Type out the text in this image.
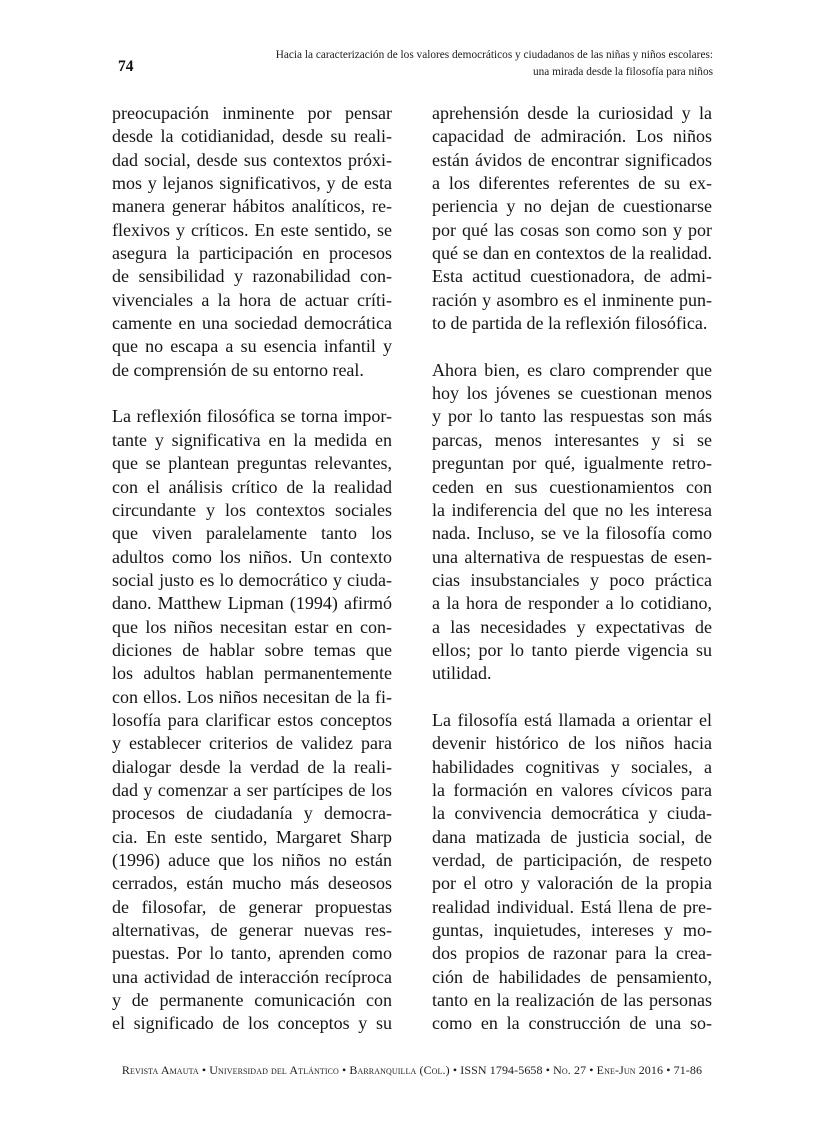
74
Hacia la caracterización de los valores democráticos y ciudadanos de las niñas y niños escolares:
una mirada desde la filosofía para niños
preocupación inminente por pensar
desde la cotidianidad, desde su reali-
dad social, desde sus contextos próxi-
mos y lejanos significativos, y de esta
manera generar hábitos analíticos, re-
flexivos y críticos. En este sentido, se
asegura la participación en procesos
de sensibilidad y razonabilidad con-
vivenciales a la hora de actuar críti-
camente en una sociedad democrática
que no escapa a su esencia infantil y
de comprensión de su entorno real.
La reflexión filosófica se torna impor-
tante y significativa en la medida en
que se plantean preguntas relevantes,
con el análisis crítico de la realidad
circundante y los contextos sociales
que viven paralelamente tanto los
adultos como los niños. Un contexto
social justo es lo democrático y ciuda-
dano. Matthew Lipman (1994) afirmó
que los niños necesitan estar en con-
diciones de hablar sobre temas que
los adultos hablan permanentemente
con ellos. Los niños necesitan de la fi-
losofía para clarificar estos conceptos
y establecer criterios de validez para
dialogar desde la verdad de la reali-
dad y comenzar a ser partícipes de los
procesos de ciudadanía y democra-
cia. En este sentido, Margaret Sharp
(1996) aduce que los niños no están
cerrados, están mucho más deseosos
de filosofar, de generar propuestas
alternativas, de generar nuevas res-
puestas. Por lo tanto, aprenden como
una actividad de interacción recíproca
y de permanente comunicación con
el significado de los conceptos y su
aprehensión desde la curiosidad y la
capacidad de admiración. Los niños
están ávidos de encontrar significados
a los diferentes referentes de su ex-
periencia y no dejan de cuestionarse
por qué las cosas son como son y por
qué se dan en contextos de la realidad.
Esta actitud cuestionadora, de admi-
ración y asombro es el inminente pun-
to de partida de la reflexión filosófica.
Ahora bien, es claro comprender que
hoy los jóvenes se cuestionan menos
y por lo tanto las respuestas son más
parcas, menos interesantes y si se
preguntan por qué, igualmente retro-
ceden en sus cuestionamientos con
la indiferencia del que no les interesa
nada. Incluso, se ve la filosofía como
una alternativa de respuestas de esen-
cias insubstanciales y poco práctica
a la hora de responder a lo cotidiano,
a las necesidades y expectativas de
ellos; por lo tanto pierde vigencia su
utilidad.
La filosofía está llamada a orientar el
devenir histórico de los niños hacia
habilidades cognitivas y sociales, a
la formación en valores cívicos para
la convivencia democrática y ciuda-
dana matizada de justicia social, de
verdad, de participación, de respeto
por el otro y valoración de la propia
realidad individual. Está llena de pre-
guntas, inquietudes, intereses y mo-
dos propios de razonar para la crea-
ción de habilidades de pensamiento,
tanto en la realización de las personas
como en la construcción de una so-
Revista Amauta • Universidad del Atlántico • Barranquilla (Col.) • ISSN 1794-5658 • No. 27 • Ene-Jun 2016 • 71-86
